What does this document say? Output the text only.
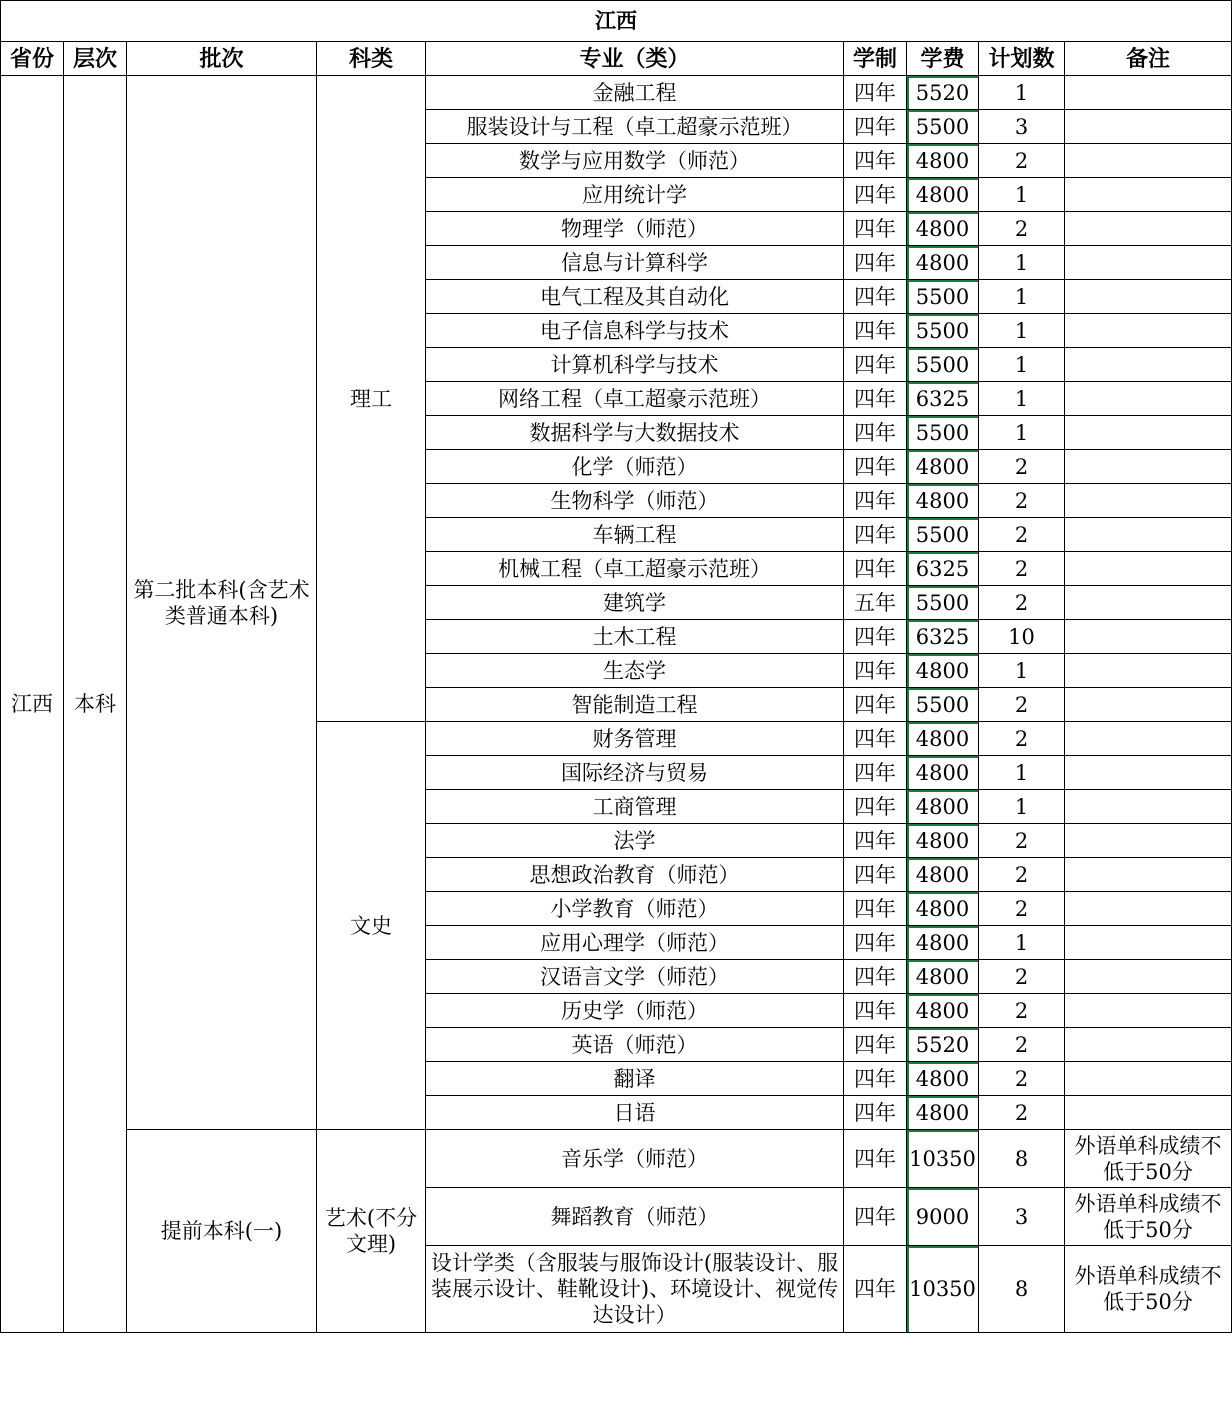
江西								
省份	层次	批次	科类	专业（类）	学制	学费	计划数	备注
江西	本科	第二批本科(含艺术类普通本科)	理工	金融工程	四年	5520	1	
				服装设计与工程（卓工超豪示范班）	四年	5500	3	
				数学与应用数学（师范）	四年	4800	2	
				应用统计学	四年	4800	1	
				物理学（师范）	四年	4800	2	
				信息与计算科学	四年	4800	1	
				电气工程及其自动化	四年	5500	1	
				电子信息科学与技术	四年	5500	1	
				计算机科学与技术	四年	5500	1	
				网络工程（卓工超豪示范班）	四年	6325	1	
				数据科学与大数据技术	四年	5500	1	
				化学（师范）	四年	4800	2	
				生物科学（师范）	四年	4800	2	
				车辆工程	四年	5500	2	
				机械工程（卓工超豪示范班）	四年	6325	2	
				建筑学	五年	5500	2	
				土木工程	四年	6325	10	
				生态学	四年	4800	1	
				智能制造工程	四年	5500	2	
			文史	财务管理	四年	4800	2	
				国际经济与贸易	四年	4800	1	
				工商管理	四年	4800	1	
				法学	四年	4800	2	
				思想政治教育（师范）	四年	4800	2	
				小学教育（师范）	四年	4800	2	
				应用心理学（师范）	四年	4800	1	
				汉语言文学（师范）	四年	4800	2	
				历史学（师范）	四年	4800	2	
				英语（师范）	四年	5520	2	
				翻译	四年	4800	2	
				日语	四年	4800	2	
		提前本科(一)	艺术(不分文理)	音乐学（师范）	四年	10350	8	外语单科成绩不低于50分
				舞蹈教育（师范）	四年	9000	3	外语单科成绩不低于50分
				设计学类（含服装与服饰设计(服装设计、服装展示设计、鞋靴设计)、环境设计、视觉传达设计）	四年	10350	8	外语单科成绩不低于50分
